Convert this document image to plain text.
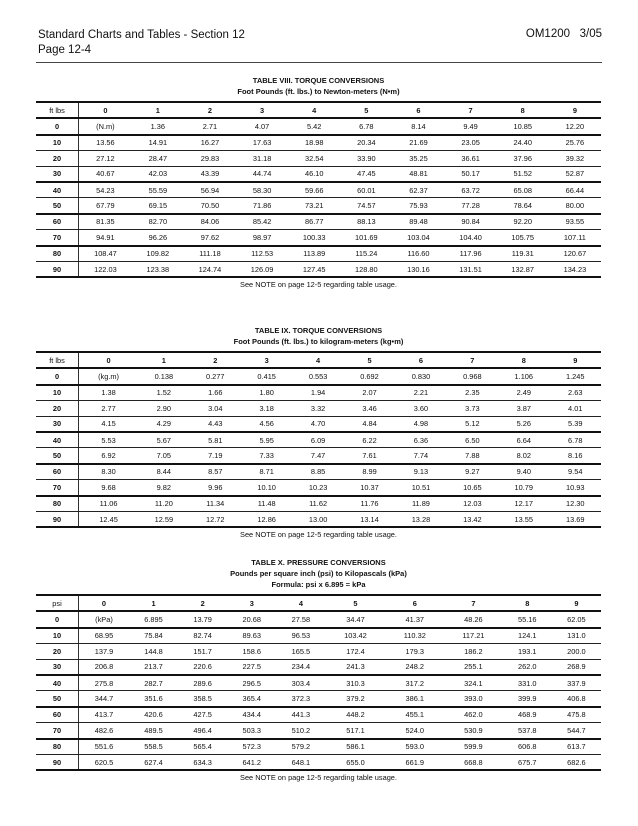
Standard Charts and Tables - Section 12
Page 12-4
OM1200 3/05
TABLE VIII. TORQUE CONVERSIONS
Foot Pounds (ft. lbs.) to Newton-meters (N•m)
ft lbs	0	1	2	3	4	5	6	7	8	9
0	(N.m)	1.36	2.71	4.07	5.42	6.78	8.14	9.49	10.85	12.20
10	13.56	14.91	16.27	17.63	18.98	20.34	21.69	23.05	24.40	25.76
20	27.12	28.47	29.83	31.18	32.54	33.90	35.25	36.61	37.96	39.32
30	40.67	42.03	43.39	44.74	46.10	47.45	48.81	50.17	51.52	52.87
40	54.23	55.59	56.94	58.30	59.66	60.01	62.37	63.72	65.08	66.44
50	67.79	69.15	70.50	71.86	73.21	74.57	75.93	77.28	78.64	80.00
60	81.35	82.70	84.06	85.42	86.77	88.13	89.48	90.84	92.20	93.55
70	94.91	96.26	97.62	98.97	100.33	101.69	103.04	104.40	105.75	107.11
80	108.47	109.82	111.18	112.53	113.89	115.24	116.60	117.96	119.31	120.67
90	122.03	123.38	124.74	126.09	127.45	128.80	130.16	131.51	132.87	134.23
See NOTE on page 12-5 regarding table usage.
TABLE IX. TORQUE CONVERSIONS
Foot Pounds (ft. lbs.) to kilogram-meters (kg•m)
ft lbs	0	1	2	3	4	5	6	7	8	9
0	(kg.m)	0.138	0.277	0.415	0.553	0.692	0.830	0.968	1.106	1.245
10	1.38	1.52	1.66	1.80	1.94	2.07	2.21	2.35	2.49	2.63
20	2.77	2.90	3.04	3.18	3.32	3.46	3.60	3.73	3.87	4.01
30	4.15	4.29	4.43	4.56	4.70	4.84	4.98	5.12	5.26	5.39
40	5.53	5.67	5.81	5.95	6.09	6.22	6.36	6.50	6.64	6.78
50	6.92	7.05	7.19	7.33	7.47	7.61	7.74	7.88	8.02	8.16
60	8.30	8.44	8.57	8.71	8.85	8.99	9.13	9.27	9.40	9.54
70	9.68	9.82	9.96	10.10	10.23	10.37	10.51	10.65	10.79	10.93
80	11.06	11.20	11.34	11.48	11.62	11.76	11.89	12.03	12.17	12.30
90	12.45	12.59	12.72	12.86	13.00	13.14	13.28	13.42	13.55	13.69
See NOTE on page 12-5 regarding table usage.
TABLE X. PRESSURE CONVERSIONS
Pounds per square inch (psi) to Kilopascals (kPa)
Formula: psi x 6.895 = kPa
psi	0	1	2	3	4	5	6	7	8	9
0	(kPa)	6.895	13.79	20.68	27.58	34.47	41.37	48.26	55.16	62.05
10	68.95	75.84	82.74	89.63	96.53	103.42	110.32	117.21	124.1	131.0
20	137.9	144.8	151.7	158.6	165.5	172.4	179.3	186.2	193.1	200.0
30	206.8	213.7	220.6	227.5	234.4	241.3	248.2	255.1	262.0	268.9
40	275.8	282.7	289.6	296.5	303.4	310.3	317.2	324.1	331.0	337.9
50	344.7	351.6	358.5	365.4	372.3	379.2	386.1	393.0	399.9	406.8
60	413.7	420.6	427.5	434.4	441.3	448.2	455.1	462.0	468.9	475.8
70	482.6	489.5	496.4	503.3	510.2	517.1	524.0	530.9	537.8	544.7
80	551.6	558.5	565.4	572.3	579.2	586.1	593.0	599.9	606.8	613.7
90	620.5	627.4	634.3	641.2	648.1	655.0	661.9	668.8	675.7	682.6
See NOTE on page 12-5 regarding table usage.
